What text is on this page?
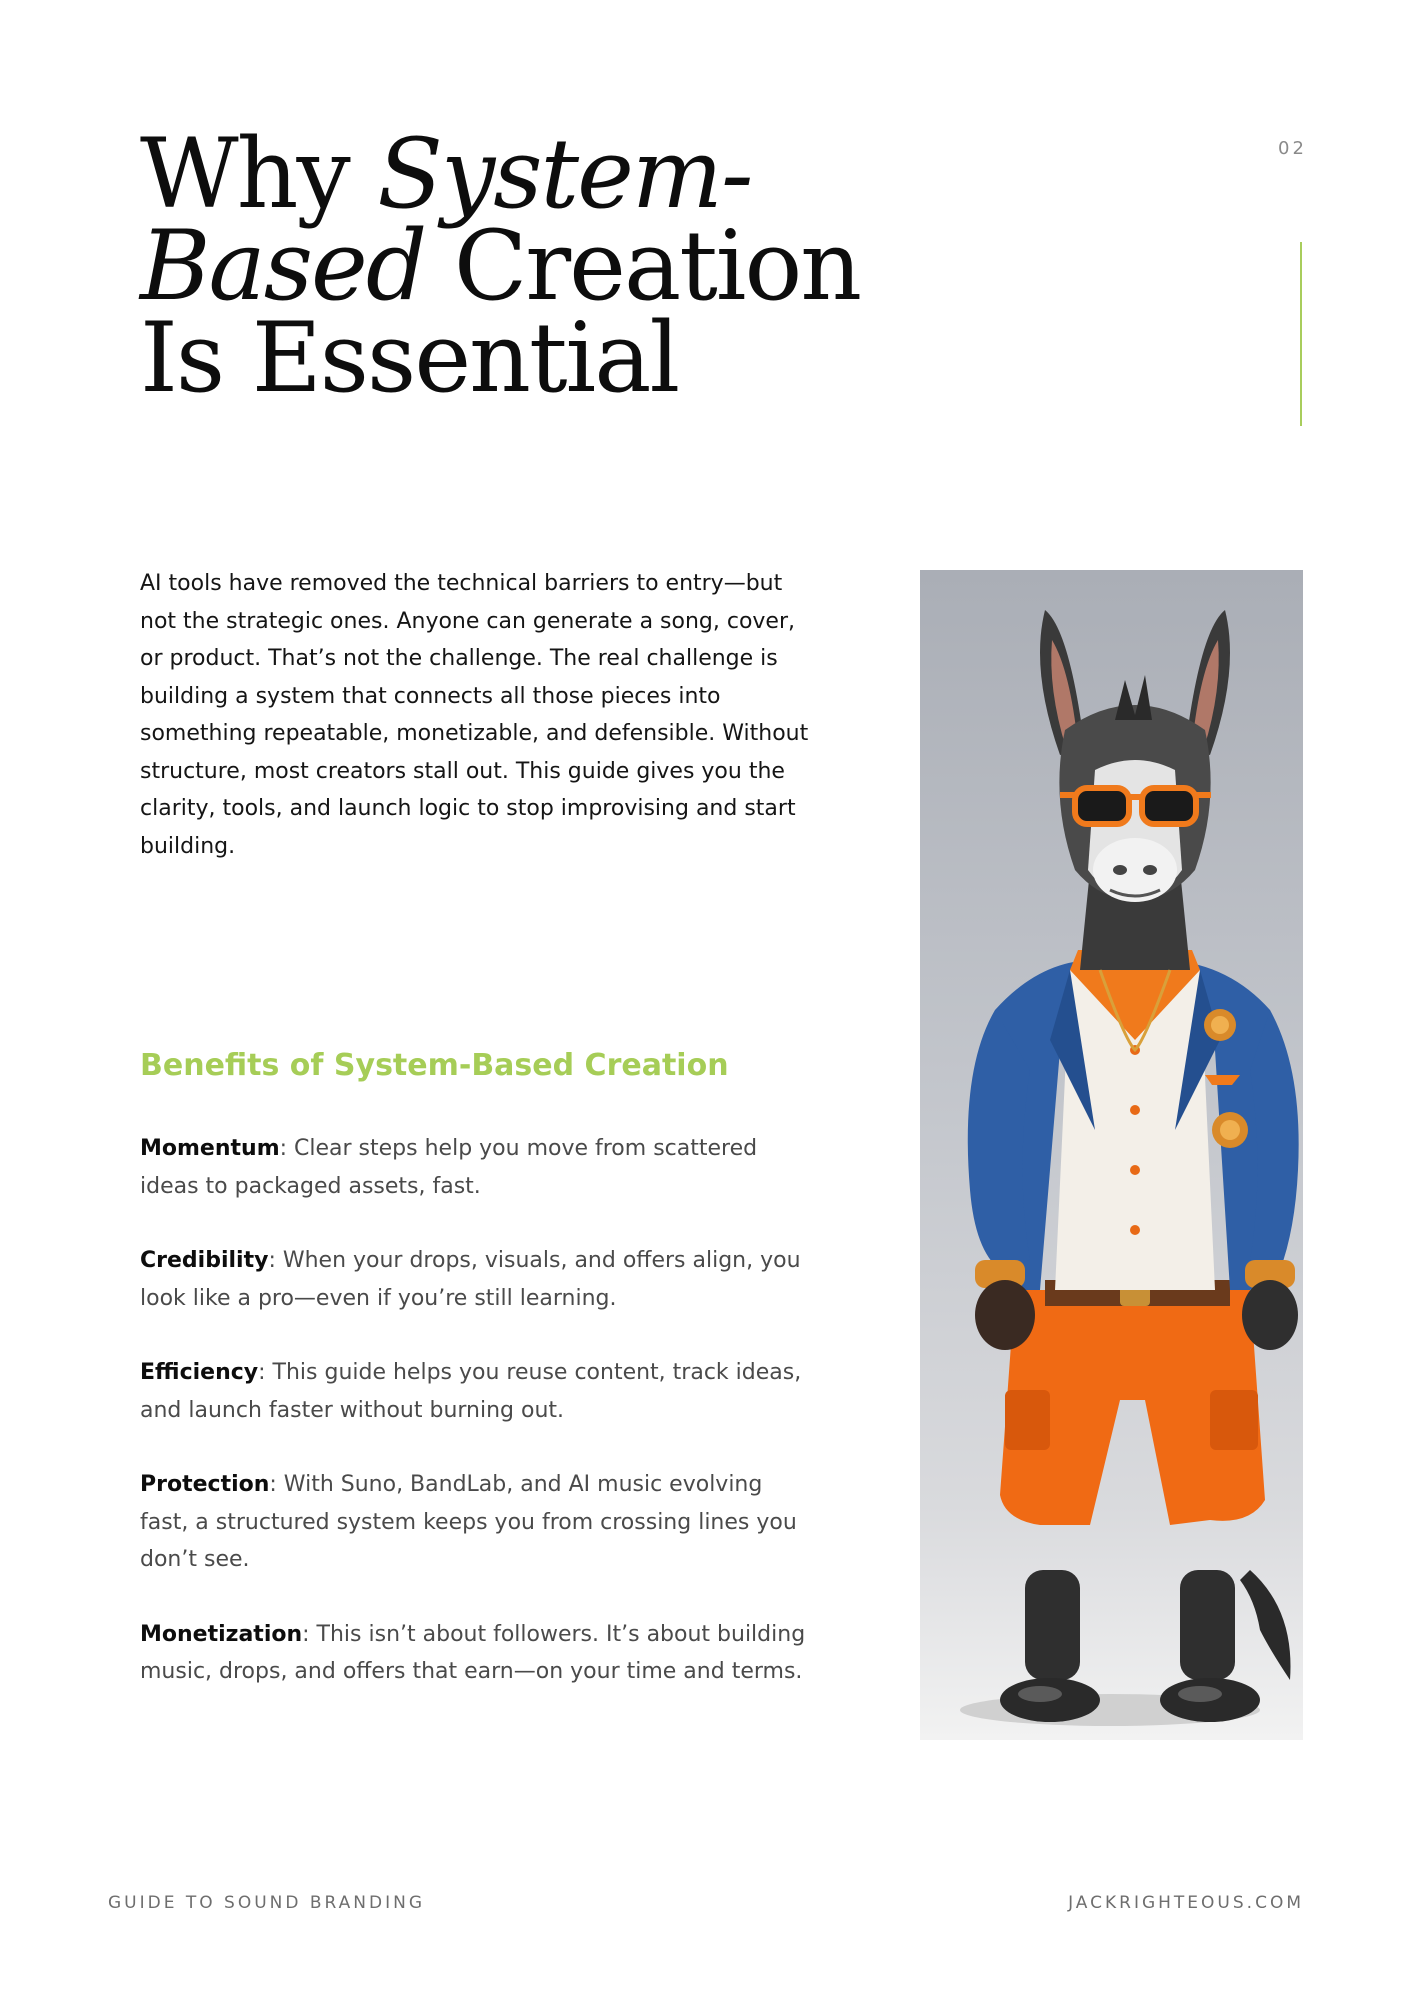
Why System-
Based Creation
Is Essential
02

AI tools have removed the technical barriers to entry—but not the strategic ones. Anyone can generate a song, cover, or product. That’s not the challenge. The real challenge is building a system that connects all those pieces into something repeatable, monetizable, and defensible. Without structure, most creators stall out. This guide gives you the clarity, tools, and launch logic to stop improvising and start building.

Benefits of System-Based Creation
Momentum: Clear steps help you move from scattered ideas to packaged assets, fast.
Credibility: When your drops, visuals, and offers align, you look like a pro—even if you’re still learning.
Efficiency: This guide helps you reuse content, track ideas, and launch faster without burning out.
Protection: With Suno, BandLab, and AI music evolving fast, a structured system keeps you from crossing lines you don’t see.
Monetization: This isn’t about followers. It’s about building music, drops, and offers that earn—on your time and terms.
GUIDE TO SOUND BRANDING	JACKRIGHTEOUS.COM
